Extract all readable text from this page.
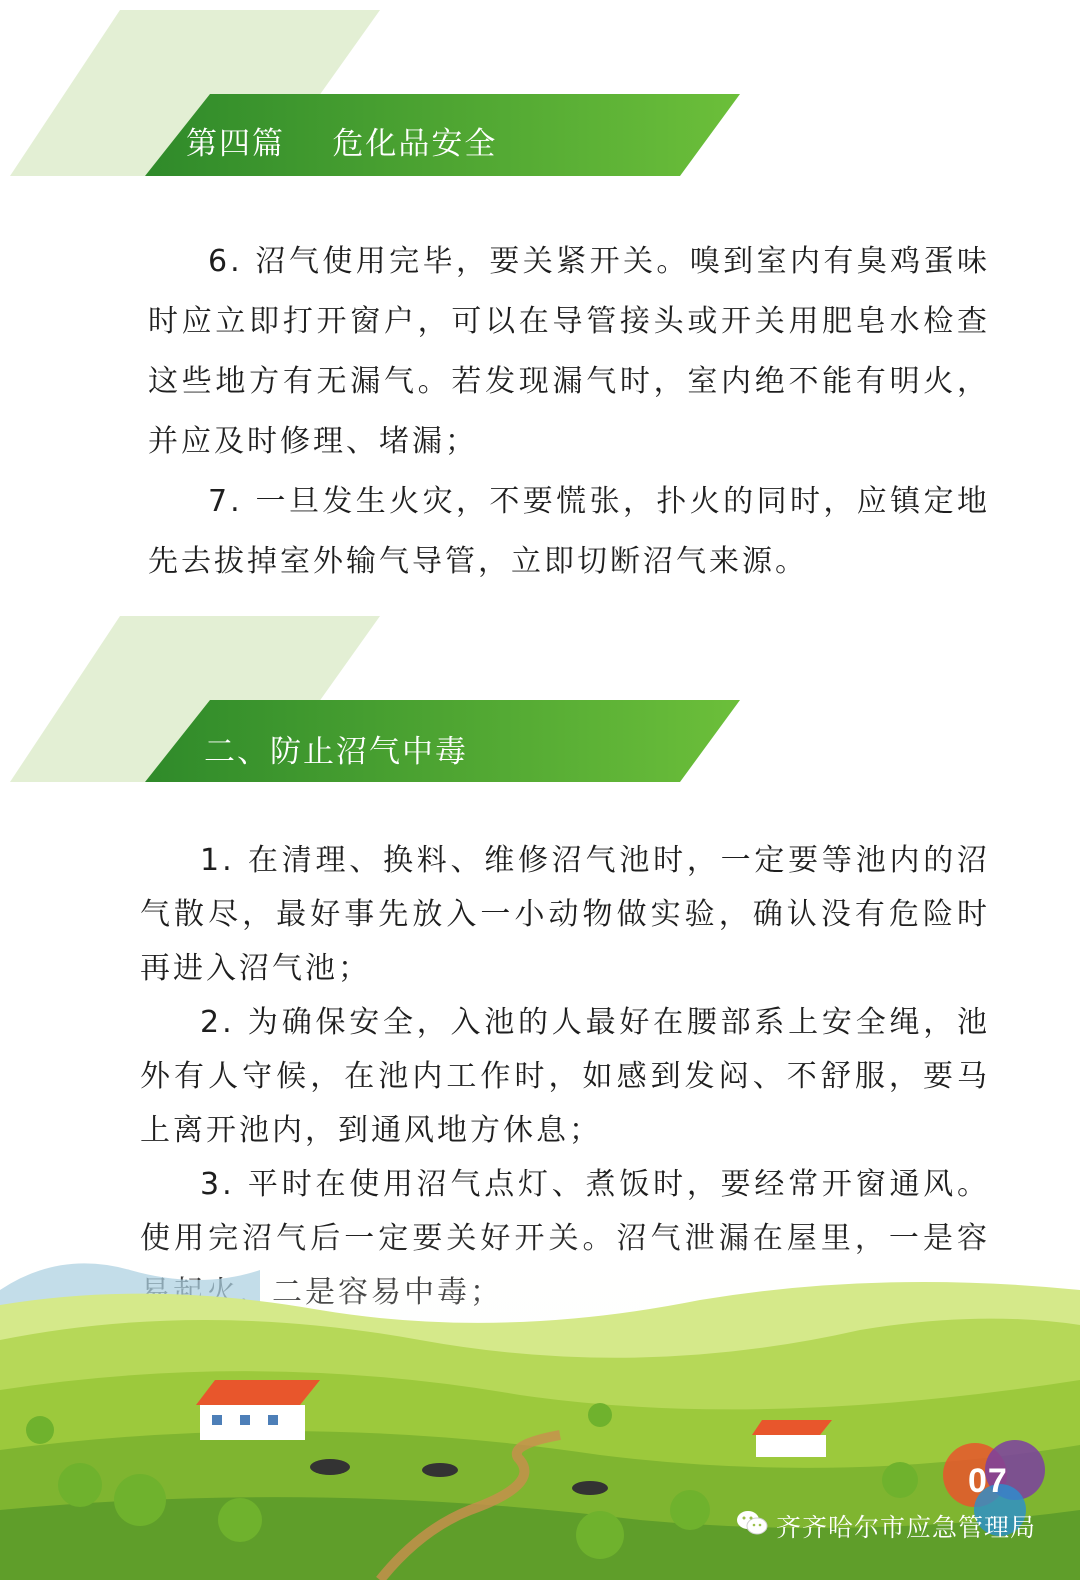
第四篇    危化品安全

6. 沼气使用完毕，要关紧开关。嗅到室内有臭鸡蛋味时应立即打开窗户，可以在导管接头或开关用肥皂水检查这些地方有无漏气。若发现漏气时，室内绝不能有明火，并应及时修理、堵漏；

7. 一旦发生火灾，不要慌张，扑火的同时，应镇定地先去拔掉室外输气导管，立即切断沼气来源。

二、防止沼气中毒

1. 在清理、换料、维修沼气池时，一定要等池内的沼气散尽，最好事先放入一小动物做实验，确认没有危险时再进入沼气池；

2. 为确保安全，入池的人最好在腰部系上安全绳，池外有人守候，在池内工作时，如感到发闷、不舒服，要马上离开池内，到通风地方休息；

3. 平时在使用沼气点灯、煮饭时，要经常开窗通风。

07
齐齐哈尔市应急管理局
